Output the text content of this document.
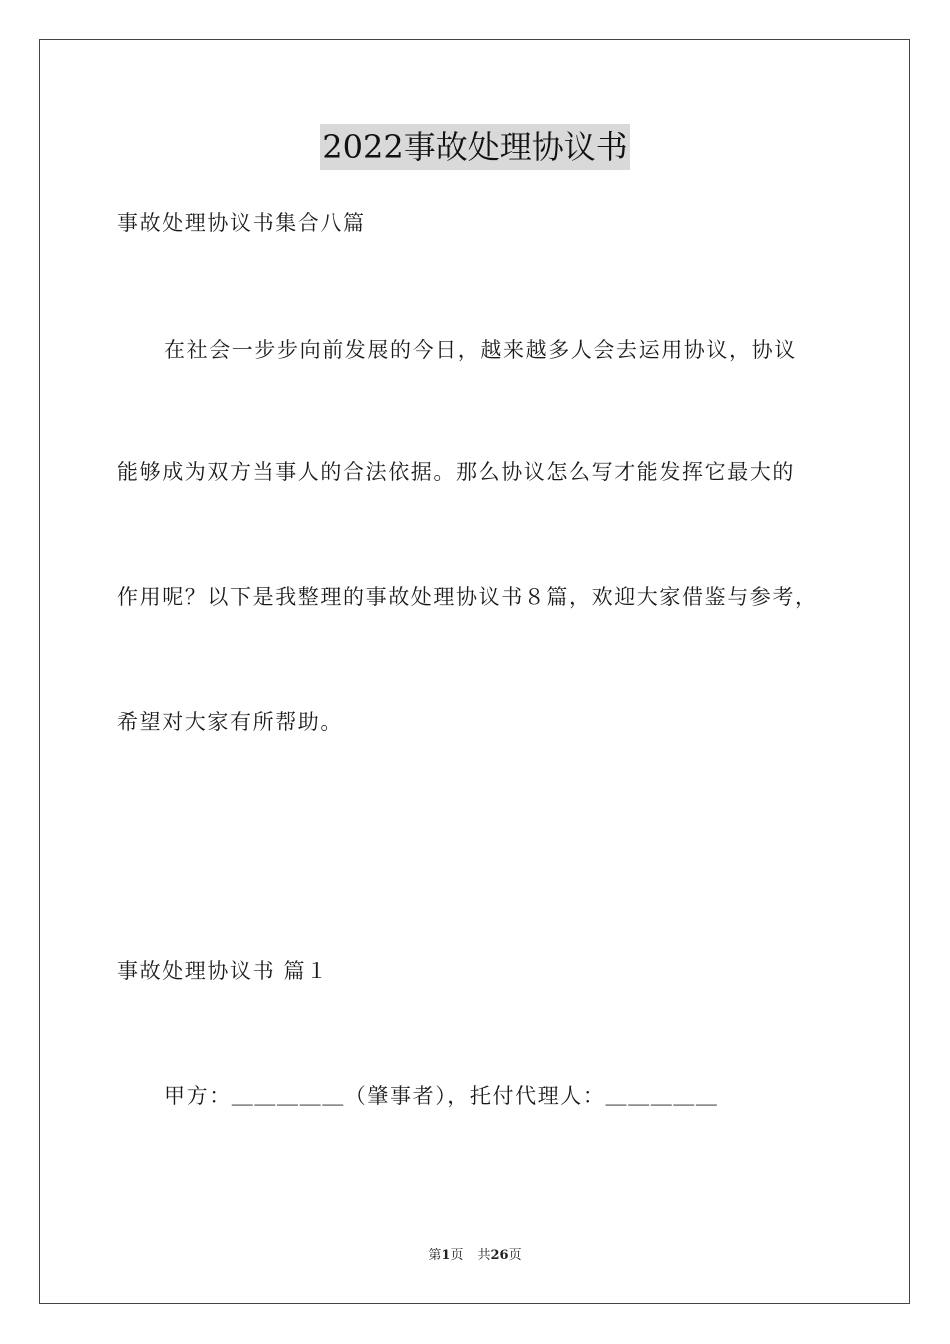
2022事故处理协议书
事故处理协议书集合八篇
在社会一步步向前发展的今日，越来越多人会去运用协议，协议
能够成为双方当事人的合法依据。那么协议怎么写才能发挥它最大的
作用呢？以下是我整理的事故处理协议书８篇，欢迎大家借鉴与参考，
希望对大家有所帮助。
事故处理协议书 篇１
甲方：＿＿＿＿＿（肇事者），托付代理人：＿＿＿＿＿
第1页 共26页
